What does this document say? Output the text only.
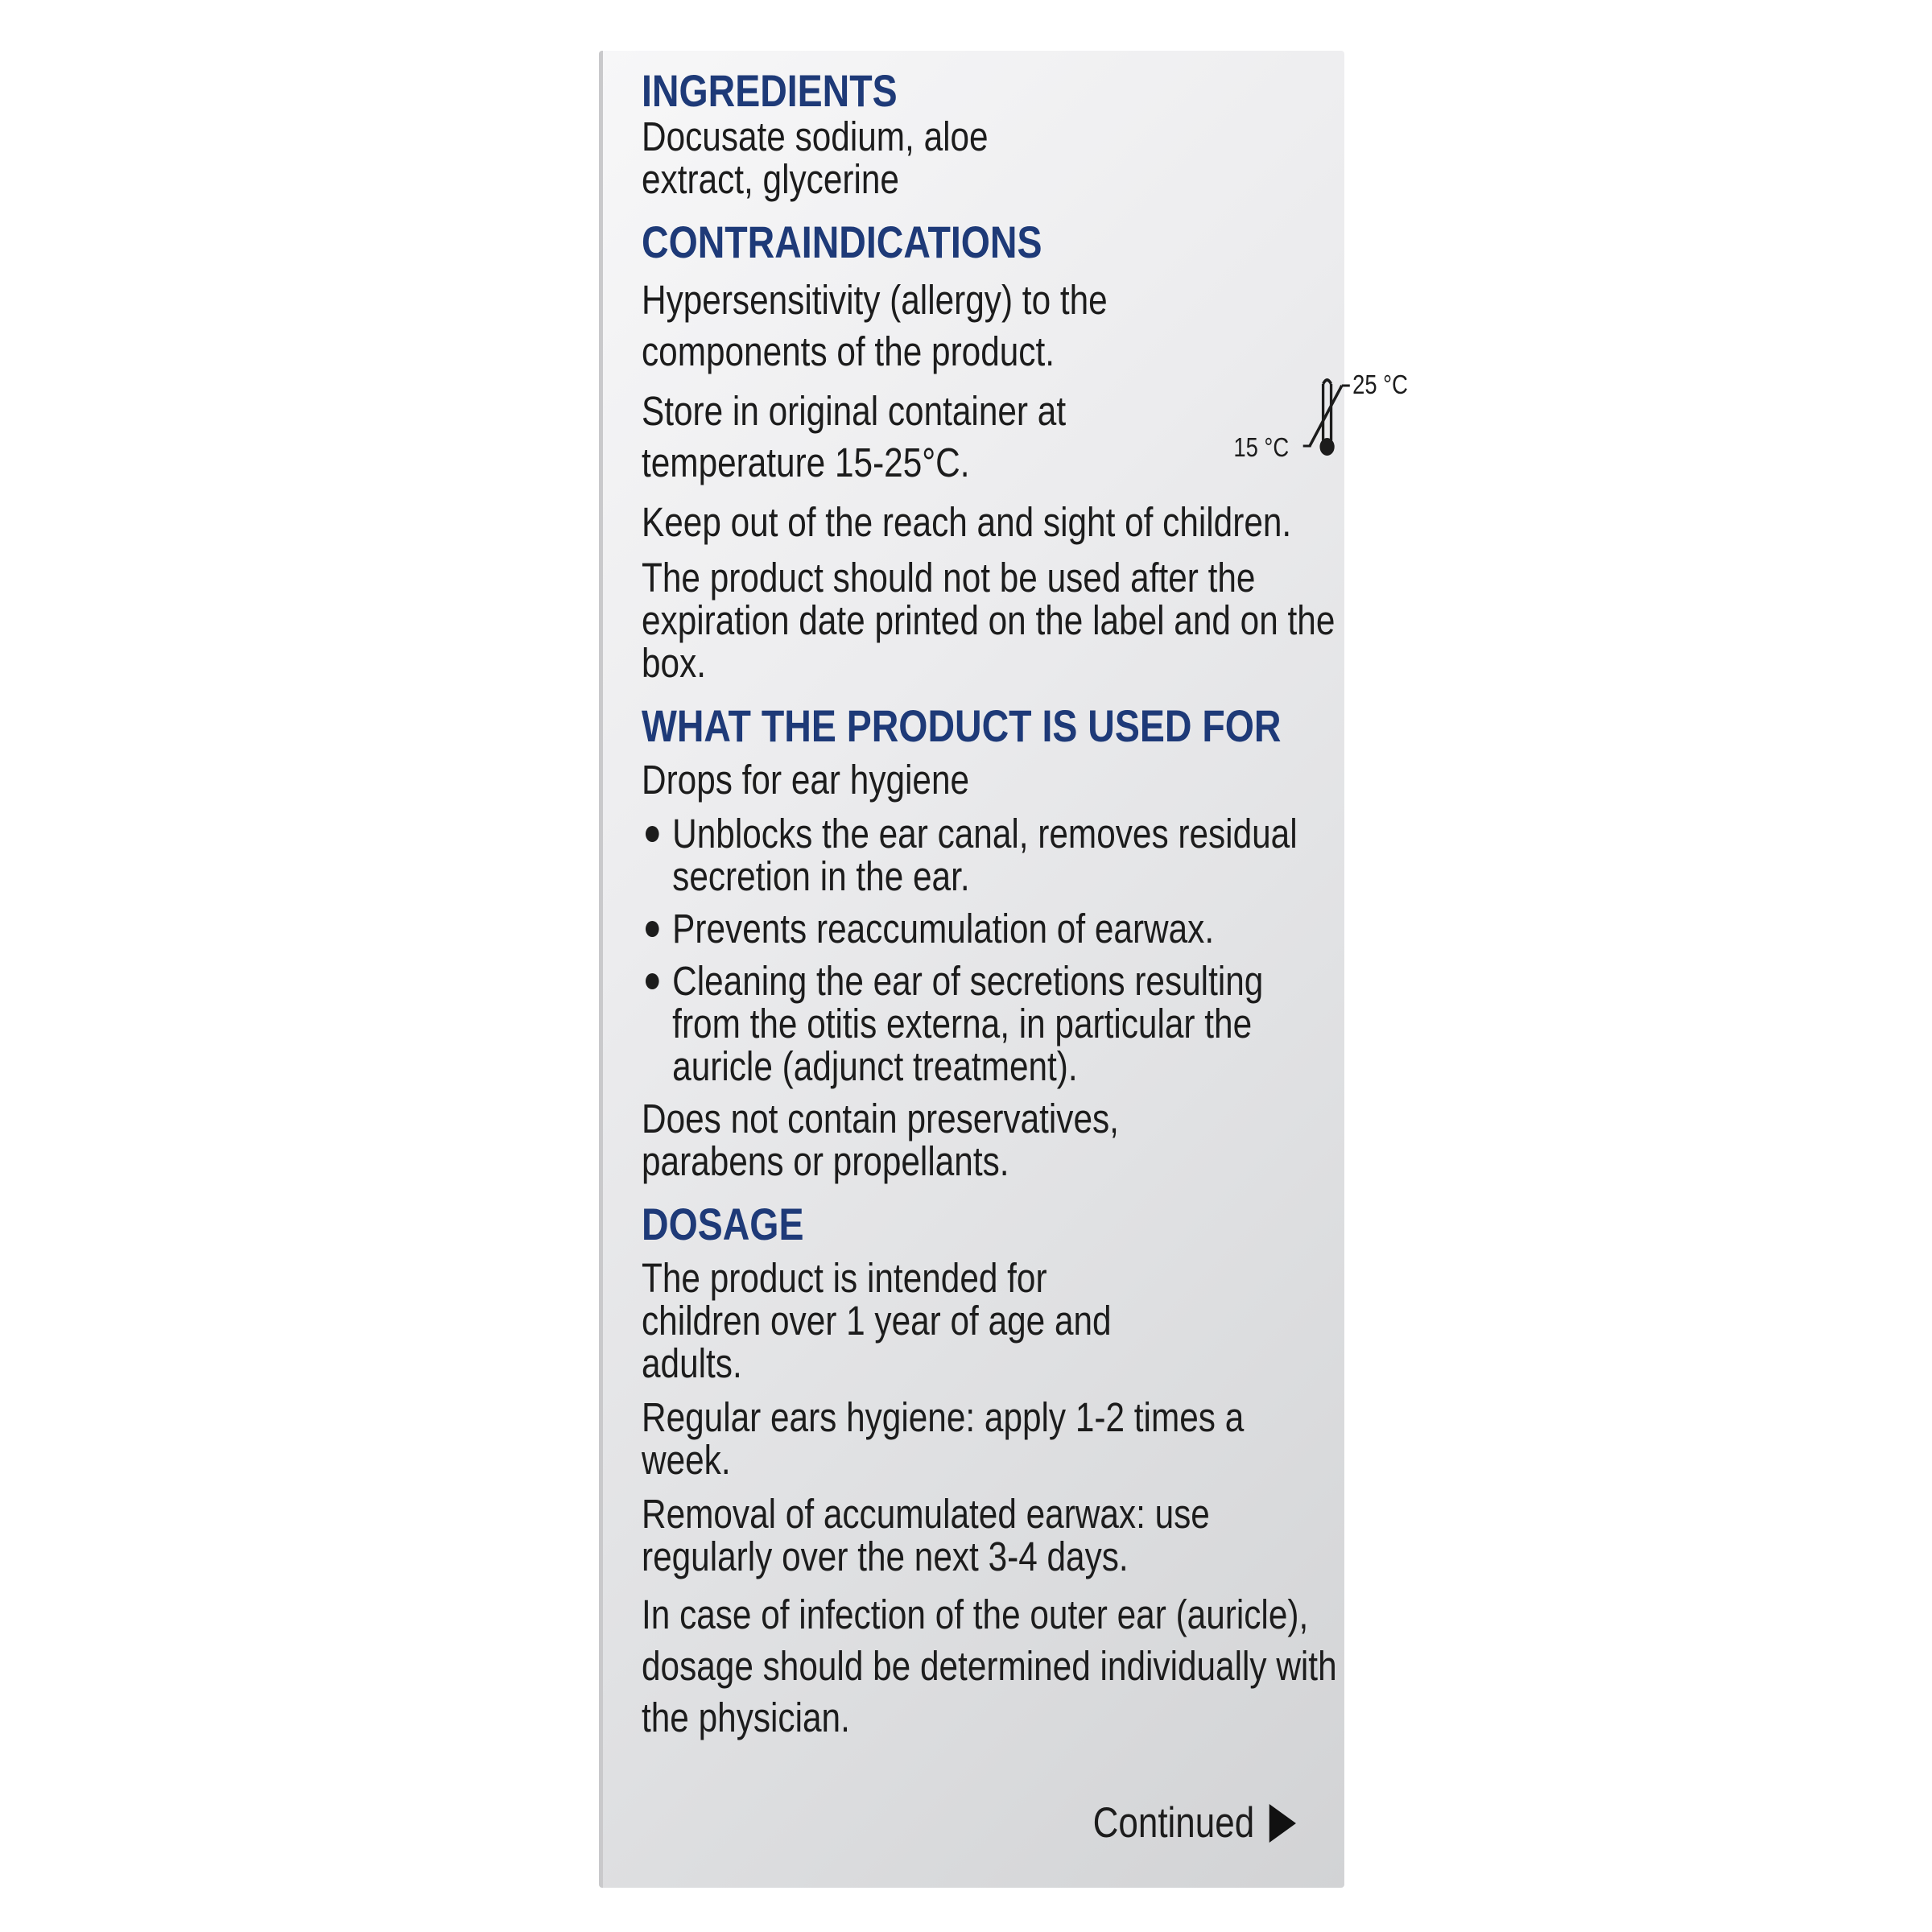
INGREDIENTS

Docusate sodium, aloe extract, glycerine

CONTRAINDICATIONS

Hypersensitivity (allergy) to the components of the product.

Store in original container at temperature 15-25°C.

25 °C
15 °C

Keep out of the reach and sight of children.

The product should not be used after the expiration date printed on the label and on the box.

WHAT THE PRODUCT IS USED FOR

Drops for ear hygiene

Unblocks the ear canal, removes residual secretion in the ear.
Prevents reaccumulation of earwax.
Cleaning the ear of secretions resulting from the otitis externa, in particular the auricle (adjunct treatment).

Does not contain preservatives, parabens or propellants.

DOSAGE

The product is intended for children over 1 year of age and adults.

Regular ears hygiene: apply 1-2 times a week.

Removal of accumulated earwax: use regularly over the next 3-4 days.

In case of infection of the outer ear (auricle), dosage should be determined individually with the physician.

Continued
